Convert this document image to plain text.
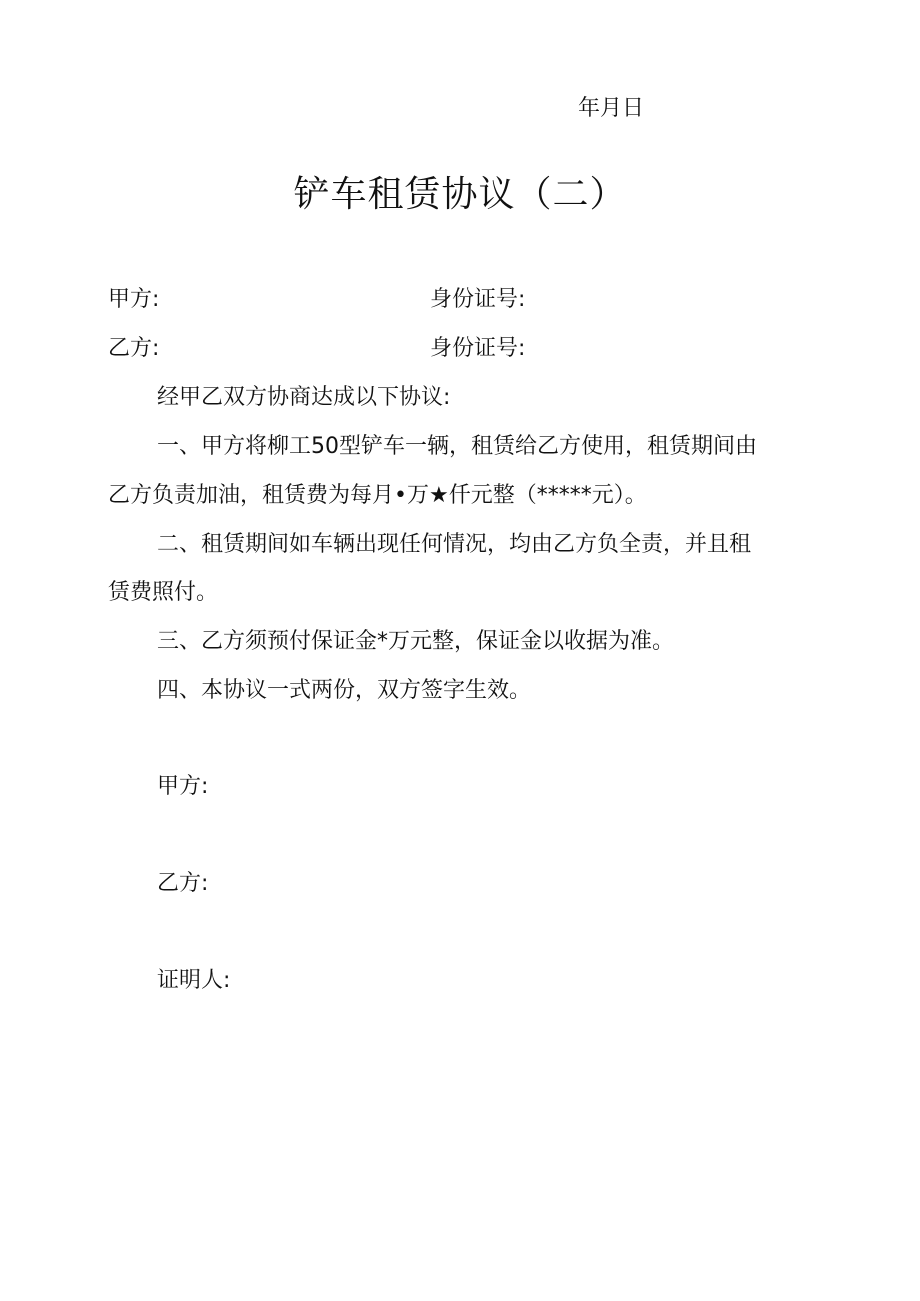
年月日
铲车租赁协议（二）
甲方:	身份证号:
乙方:	身份证号:
经甲乙双方协商达成以下协议:
一、甲方将柳工50型铲车一辆，租赁给乙方使用，租赁期间由
乙方负责加油，租赁费为每月•万★仟元整（*****元）。
二、租赁期间如车辆出现任何情况，均由乙方负全责，并且租
赁费照付。
三、乙方须预付保证金*万元整，保证金以收据为准。
四、本协议一式两份，双方签字生效。
甲方:
乙方:
证明人:
